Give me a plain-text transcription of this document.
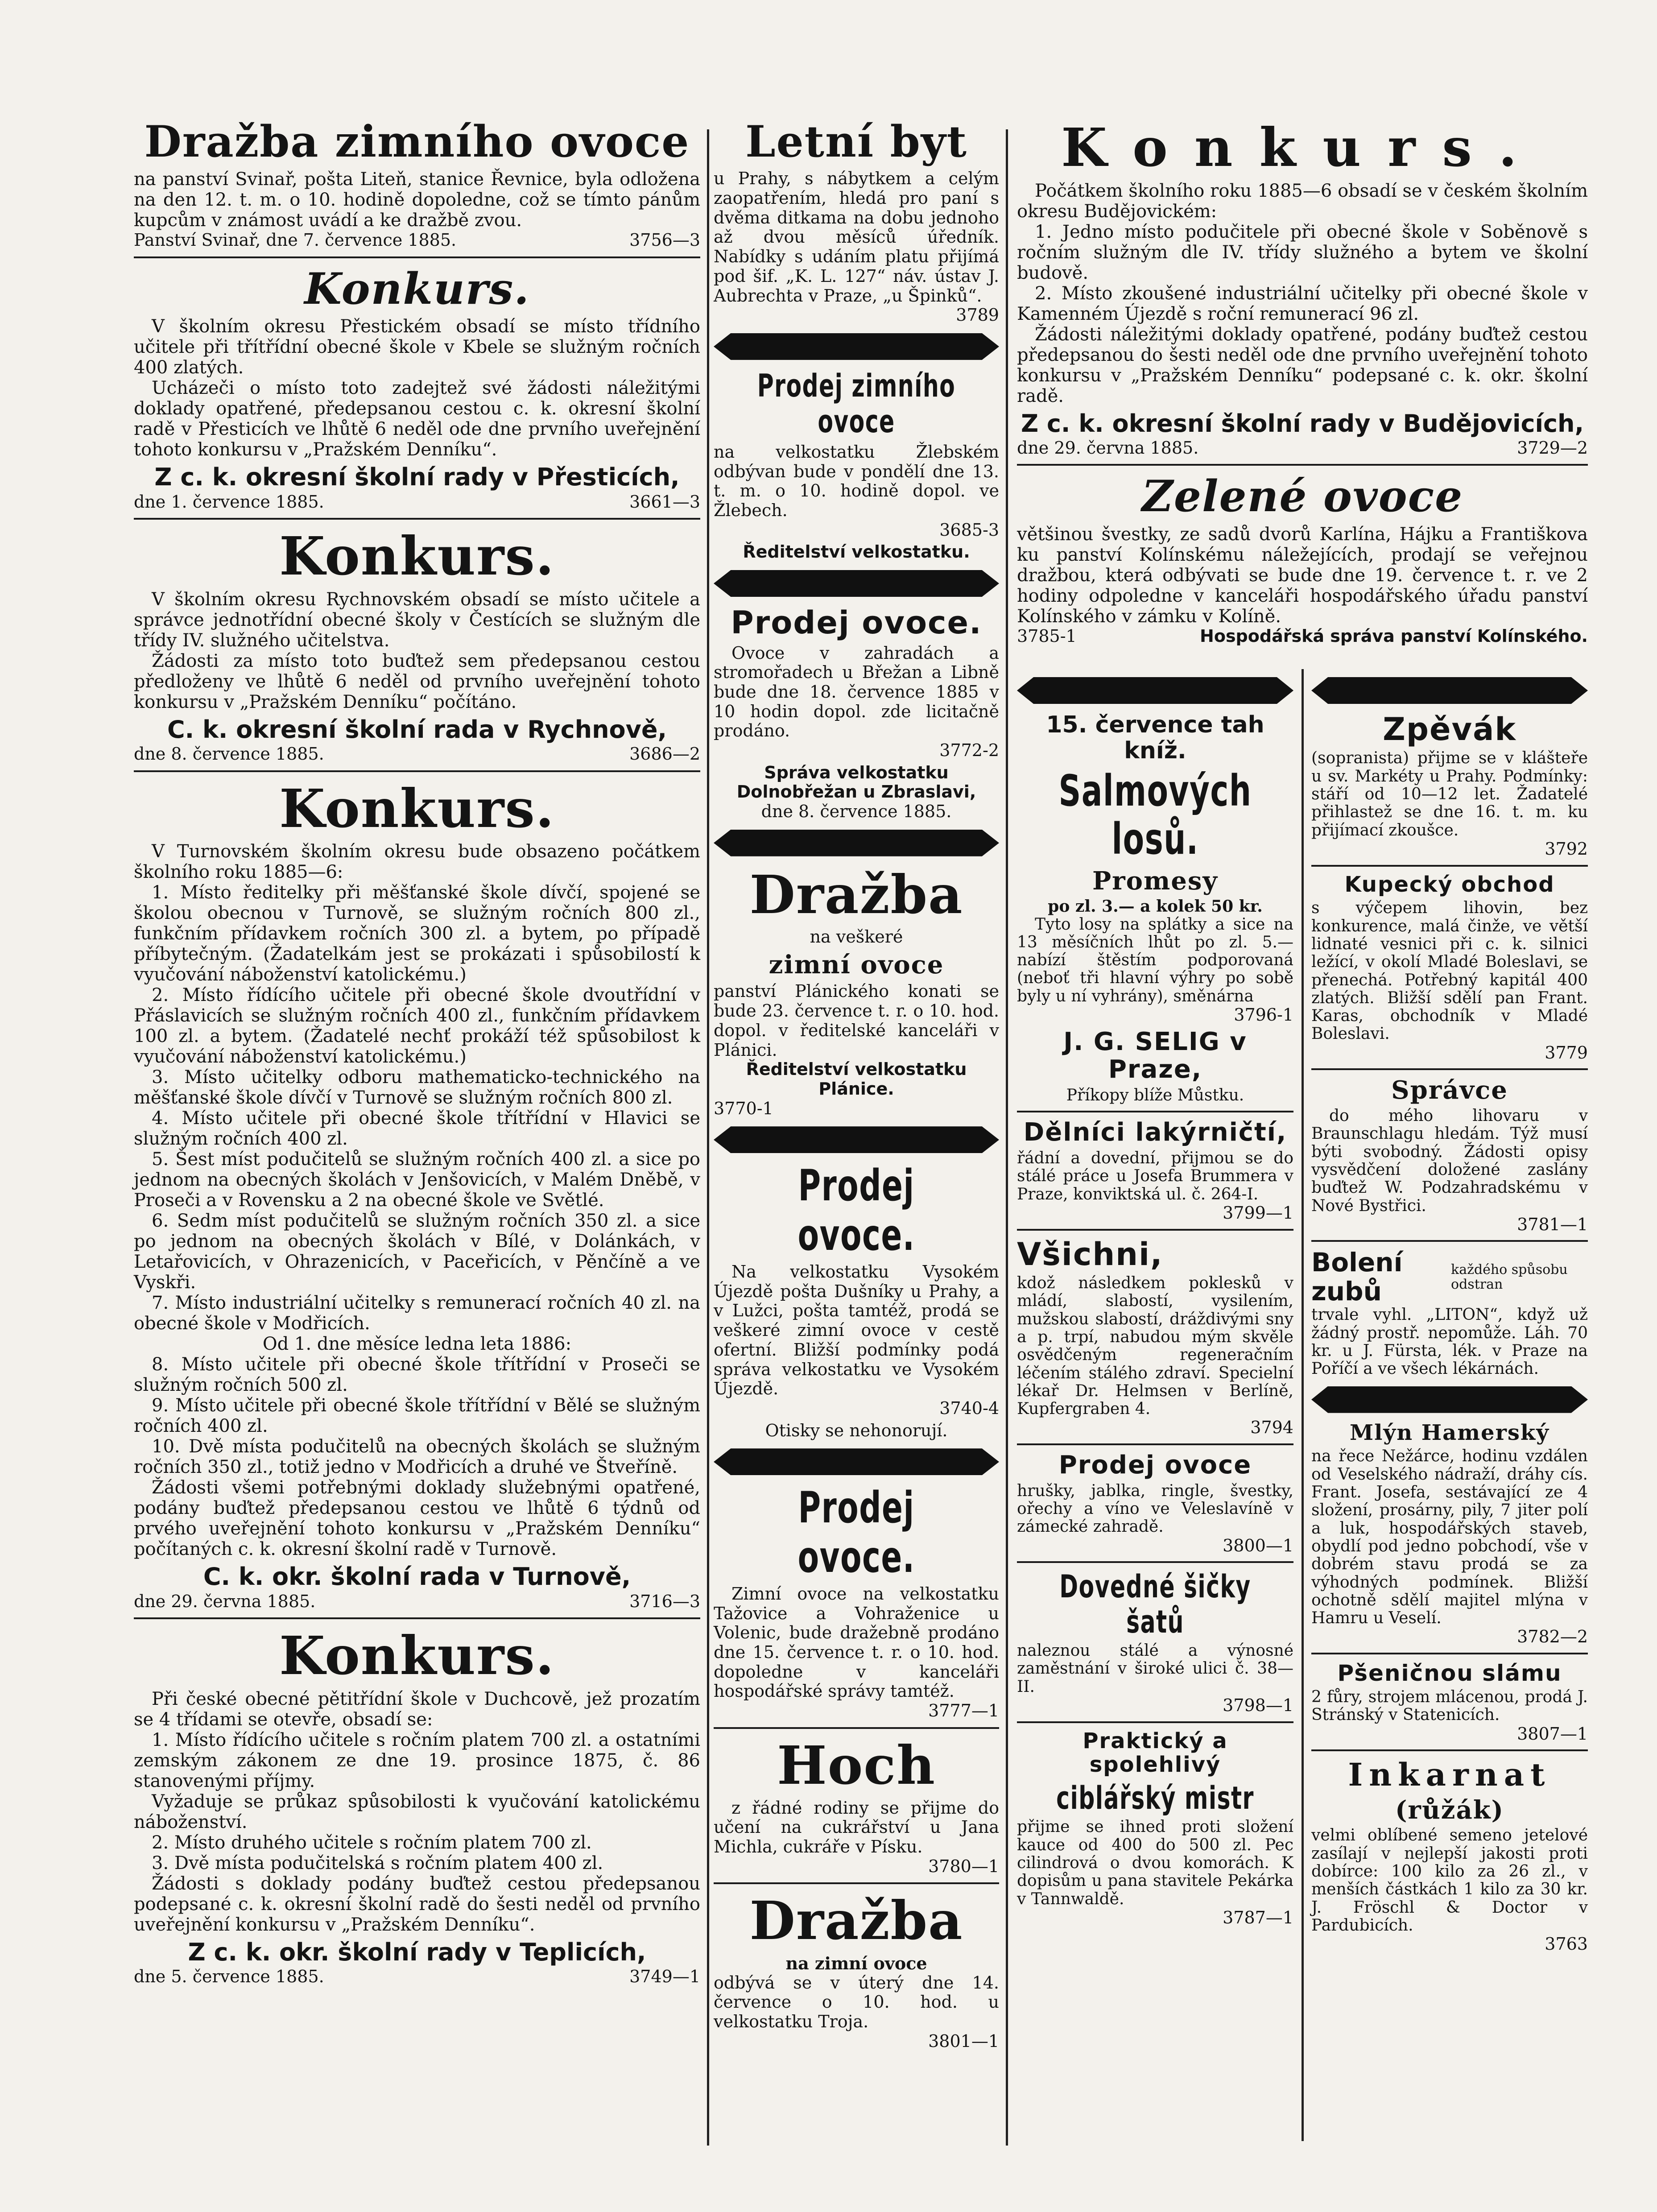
Dražba zimního ovoce

na panství Svinař, pošta Liteň, stanice Řevnice, byla odložena na den 12. t. m. o 10. hodině dopoledne, což se tímto pánům kupcům v známost uvádí a ke dražbě zvou.

Panství Svinař, dne 7. července 1885.	3756—3
Konkurs.

V školním okresu Přestickém obsadí se místo třídního učitele při třítřídní obecné škole v Kbele se služným ročních 400 zlatých.

Ucházeči o místo toto zadejtež své žádosti náležitými doklady opatřené, předepsanou cestou c. k. okresní školní radě v Přesticích ve lhůtě 6 neděl ode dne prvního uveřejnění tohoto konkursu v „Pražském Denníku“.

Z c. k. okresní školní rady v Přesticích,
dne 1. července 1885.	3661—3
Konkurs.

V školním okresu Rychnovském obsadí se místo učitele a správce jednotřídní obecné školy v Čestících se služným dle třídy IV. služného učitelstva.

Žádosti za místo toto buďtež sem předepsanou cestou předloženy ve lhůtě 6 neděl od prvního uveřejnění tohoto konkursu v „Pražském Denníku“ počítáno.

C. k. okresní školní rada v Rychnově,
dne 8. července 1885.	3686—2
Konkurs.

V Turnovském školním okresu bude obsazeno počátkem školního roku 1885—6:

1. Místo ředitelky při měšťanské škole dívčí, spojené se školou obecnou v Turnově, se služným ročních 800 zl., funkčním přídavkem ročních 300 zl. a bytem, po případě příbytečným. (Žadatelkám jest se prokázati i spůsobilostí k vyučování náboženství katolickému.)

2. Místo řídícího učitele při obecné škole dvoutřídní v Přáslavicích se služným ročních 400 zl., funkčním přídavkem 100 zl. a bytem. (Žadatelé nechť prokáží též spůsobilost k vyučování náboženství katolickému.)

3. Místo učitelky odboru mathematicko-technického na měšťanské škole dívčí v Turnově se služným ročních 800 zl.

4. Místo učitele při obecné škole třítřídní v Hlavici se služným ročních 400 zl.

5. Šest míst podučitelů se služným ročních 400 zl. a sice po jednom na obecných školách v Jenšovicích, v Malém Dněbě, v Proseči a v Rovensku a 2 na obecné škole ve Světlé.

6. Sedm míst podučitelů se služným ročních 350 zl. a sice po jednom na obecných školách v Bílé, v Dolánkách, v Letařovicích, v Ohrazenicích, v Paceřicích, v Pěnčíně a ve Vyskři.

7. Místo industriální učitelky s remunerací ročních 40 zl. na obecné škole v Modřicích.

Od 1. dne měsíce ledna leta 1886:

8. Místo učitele při obecné škole třítřídní v Proseči se služným ročních 500 zl.

9. Místo učitele při obecné škole třítřídní v Bělé se služným ročních 400 zl.

10. Dvě místa podučitelů na obecných školách se služným ročních 350 zl., totiž jedno v Modřicích a druhé ve Štveříně.

Žádosti všemi potřebnými doklady služebnými opatřené, podány buďtež předepsanou cestou ve lhůtě 6 týdnů od prvého uveřejnění tohoto konkursu v „Pražském Denníku“ počítaných c. k. okresní školní radě v Turnově.

C. k. okr. školní rada v Turnově,
dne 29. června 1885.	3716—3
Konkurs.

Při české obecné pětitřídní škole v Duchcově, jež prozatím se 4 třídami se otevře, obsadí se:

1. Místo řídícího učitele s ročním platem 700 zl. a ostatními zemským zákonem ze dne 19. prosince 1875, č. 86 stanovenými příjmy.

Vyžaduje se průkaz spůsobilosti k vyučování katolickému náboženství.

2. Místo druhého učitele s ročním platem 700 zl.

3. Dvě místa podučitelská s ročním platem 400 zl.

Žádosti s doklady podány buďtež cestou předepsanou podepsané c. k. okresní školní radě do šesti neděl od prvního uveřejnění konkursu v „Pražském Denníku“.

Z c. k. okr. školní rady v Teplicích,
dne 5. července 1885.	3749—1
Letní byt

u Prahy, s nábytkem a celým zaopatřením, hledá pro paní s dvěma ditkama na dobu jednoho až dvou měsíců úředník. Nabídky s udáním platu přijímá pod šif. „K. L. 127“ náv. ústav J. Aubrechta v Praze, „u Špinků“.

3789
Prodej zimního ovoce

na velkostatku Žlebském odbývan bude v pondělí dne 13. t. m. o 10. hodině dopol. ve Žlebech.

3685-3
Ředitelství velkostatku.
Prodej ovoce.

Ovoce v zahradách a stromořadech u Břežan a Libně bude dne 18. července 1885 v 10 hodin dopol. zde licitačně prodáno.

3772-2
Správa velkostatku Dolnobřežan u Zbraslavi,
dne 8. července 1885.
Dražba
na veškeré
zimní ovoce

panství Plánického konati se bude 23. července t. r. o 10. hod. dopol. v ředitelské kanceláři v Plánici.

Ředitelství velkostatku Plánice.
3770-1
Prodej ovoce.

Na velkostatku Vysokém Újezdě pošta Dušníky u Prahy, a v Lužci, pošta tamtéž, prodá se veškeré zimní ovoce v cestě ofertní. Bližší podmínky podá správa velkostatku ve Vysokém Újezdě.

3740-4
Otisky se nehonorují.
Prodej ovoce.

Zimní ovoce na velkostatku Tažovice a Vohraženice u Volenic, bude dražebně prodáno dne 15. července t. r. o 10. hod. dopoledne v kanceláři hospodářské správy tamtéž.

3777—1
Hoch

z řádné rodiny se přijme do učení na cukrářství u Jana Michla, cukráře v Písku.

3780—1
Dražba
na zimní ovoce

odbývá se v úterý dne 14. července o 10. hod. u velkostatku Troja.

3801—1
Konkurs.

Počátkem školního roku 1885—6 obsadí se v českém školním okresu Budějovickém:

1. Jedno místo podučitele při obecné škole v Soběnově s ročním služným dle IV. třídy služného a bytem ve školní budově.

2. Místo zkoušené industriální učitelky při obecné škole v Kamenném Újezdě s roční remunerací 96 zl.

Žádosti náležitými doklady opatřené, podány buďtež cestou předepsanou do šesti neděl ode dne prvního uveřejnění tohoto konkursu v „Pražském Denníku“ podepsané c. k. okr. školní radě.

Z c. k. okresní školní rady v Budějovicích,
dne 29. června 1885.	3729—2
Zelené ovoce

většinou švestky, ze sadů dvorů Karlína, Hájku a Františkova ku panství Kolínskému náležejících, prodají se veřejnou dražbou, která odbývati se bude dne 19. července t. r. ve 2 hodiny odpoledne v kanceláři hospodářského úřadu panství Kolínského v zámku v Kolíně.

3785-1	Hospodářská správa panství Kolínského.
15. července tah
kníž.
Salmových losů.
Promesy
po zl. 3.— a kolek 50 kr.

Tyto losy na splátky a sice na 13 měsíčních lhůt po zl. 5.— nabízí štěstím podporovaná (neboť tři hlavní výhry po sobě byly u ní vyhrány), směnárna

3796-1
J. G. SELIG v Praze,
Příkopy blíže Můstku.
Dělníci lakýrničtí,

řádní a dovední, přijmou se do stálé práce u Josefa Brummera v Praze, konviktská ul. č. 264-I.

3799—1
Všichni,

kdož následkem poklesků v mládí, slabostí, vysilením, mužskou slabostí, dráždivými sny a p. trpí, nabudou mým skvěle osvědčeným regeneračním léčením stálého zdraví. Specielní lékař Dr. Helmsen v Berlíně, Kupfergraben 4.

3794
Prodej ovoce

hrušky, jablka, ringle, švestky, ořechy a víno ve Veleslavíně v zámecké zahradě.

3800—1
Dovedné šičky šatů

naleznou stálé a výnosné zaměstnání v široké ulici č. 38—II.

3798—1
Praktický a spolehlivý
ciblářský mistr

přijme se ihned proti složení kauce od 400 do 500 zl. Pec cilindrová o dvou komorách. K dopisům u pana stavitele Pekárka v Tannwaldě.

3787—1
Zpěvák

(sopranista) přijme se v klášteře u sv. Markéty u Prahy. Podmínky: stáří od 10—12 let. Žadatelé přihlastež se dne 16. t. m. ku přijímací zkoušce.

3792
Kupecký obchod

s výčepem lihovin, bez konkurence, malá činže, ve větší lidnaté vesnici při c. k. silnici ležící, v okolí Mladé Boleslavi, se přenechá. Potřebný kapitál 400 zlatých. Bližší sdělí pan Frant. Karas, obchodník v Mladé Boleslavi.

3779
Správce

do mého lihovaru v Braunschlagu hledám. Týž musí býti svobodný. Žádosti opisy vysvědčení doložené zaslány buďtež W. Podzahradskému v Nové Bystřici.

3781—1
Bolení zubů
každého spůsobu odstran

trvale vyhl. „LITON“, když už žádný prostř. nepomůže. Láh. 70 kr. u J. Fürsta, lék. v Praze na Poříčí a ve všech lékárnách.

Mlýn Hamerský

na řece Nežárce, hodinu vzdálen od Veselského nádraží, dráhy cís. Frant. Josefa, sestávající ze 4 složení, prosárny, pily, 7 jiter polí a luk, hospodářských staveb, obydlí pod jedno pobchodí, vše v dobrém stavu prodá se za výhodných podmínek. Bližší ochotně sdělí majitel mlýna v Hamru u Veselí.

3782—2
Pšeničnou slámu

2 fůry, strojem mlácenou, prodá J. Stránský v Statenicích.

3807—1
Inkarnat
(růžák)

velmi oblíbené semeno jetelové zasílají v nejlepší jakosti proti dobírce: 100 kilo za 26 zl., v menších částkách 1 kilo za 30 kr. J. Fröschl & Doctor v Pardubicích.

3763
